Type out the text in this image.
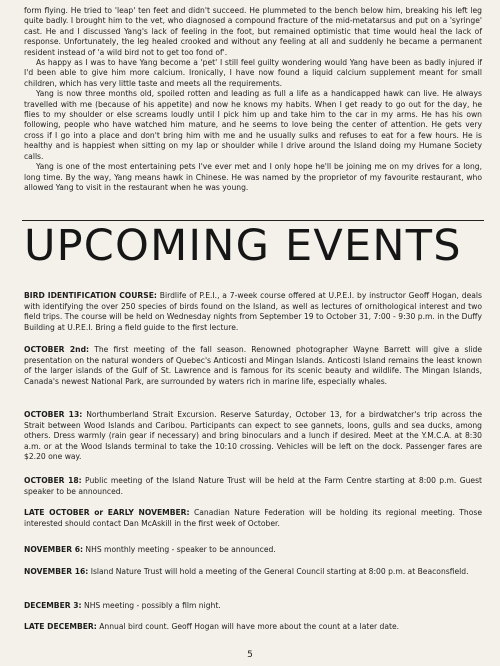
form flying. He tried to 'leap' ten feet and didn't succeed. He plummeted to the bench below him, breaking his left leg quite badly. I brought him to the vet, who diagnosed a compound fracture of the mid-metatarsus and put on a 'syringe' cast. He and I discussed Yang's lack of feeling in the foot, but remained optimistic that time would heal the lack of response. Unfortunately, the leg healed crooked and without any feeling at all and suddenly he became a permanent resident instead of 'a wild bird not to get too fond of'.

As happy as I was to have Yang become a 'pet' I still feel guilty wondering would Yang have been as badly injured if I'd been able to give him more calcium. Ironically, I have now found a liquid calcium supplement meant for small children, which has very little taste and meets all the requirements.

Yang is now three months old, spoiled rotten and leading as full a life as a handicapped hawk can live. He always travelled with me (because of his appetite) and now he knows my habits. When I get ready to go out for the day, he flies to my shoulder or else screams loudly until I pick him up and take him to the car in my arms. He has his own following, people who have watched him mature, and he seems to love being the center of attention. He gets very cross if I go into a place and don't bring him with me and he usually sulks and refuses to eat for a few hours. He is healthy and is happiest when sitting on my lap or shoulder while I drive around the Island doing my Humane Society calls.

Yang is one of the most entertaining pets I've ever met and I only hope he'll be joining me on my drives for a long, long time. By the way, Yang means hawk in Chinese. He was named by the proprietor of my favourite restaurant, who allowed Yang to visit in the restaurant when he was young.

UPCOMING EVENTS

BIRD IDENTIFICATION COURSE: Birdlife of P.E.I., a 7-week course offered at U.P.E.I. by instructor Geoff Hogan, deals with identifying the over 250 species of birds found on the Island, as well as lectures of ornithological interest and two field trips. The course will be held on Wednesday nights from September 19 to October 31, 7:00 - 9:30 p.m. in the Duffy Building at U.P.E.I. Bring a field guide to the first lecture.

OCTOBER 2nd: The first meeting of the fall season. Renowned photographer Wayne Barrett will give a slide presentation on the natural wonders of Quebec's Anticosti and Mingan Islands. Anticosti Island remains the least known of the larger islands of the Gulf of St. Lawrence and is famous for its scenic beauty and wildlife. The Mingan Islands, Canada's newest National Park, are surrounded by waters rich in marine life, especially whales.

OCTOBER 13: Northumberland Strait Excursion. Reserve Saturday, October 13, for a birdwatcher's trip across the Strait between Wood Islands and Caribou. Participants can expect to see gannets, loons, gulls and sea ducks, among others. Dress warmly (rain gear if necessary) and bring binoculars and a lunch if desired. Meet at the Y.M.C.A. at 8:30 a.m. or at the Wood Islands terminal to take the 10:10 crossing. Vehicles will be left on the dock. Passenger fares are $2.20 one way.

OCTOBER 18: Public meeting of the Island Nature Trust will be held at the Farm Centre starting at 8:00 p.m. Guest speaker to be announced.

LATE OCTOBER or EARLY NOVEMBER: Canadian Nature Federation will be holding its regional meeting. Those interested should contact Dan McAskill in the first week of October.

NOVEMBER 6: NHS monthly meeting - speaker to be announced.

NOVEMBER 16: Island Nature Trust will hold a meeting of the General Council starting at 8:00 p.m. at Beaconsfield.

DECEMBER 3: NHS meeting - possibly a film night.

LATE DECEMBER: Annual bird count. Geoff Hogan will have more about the count at a later date.

5
